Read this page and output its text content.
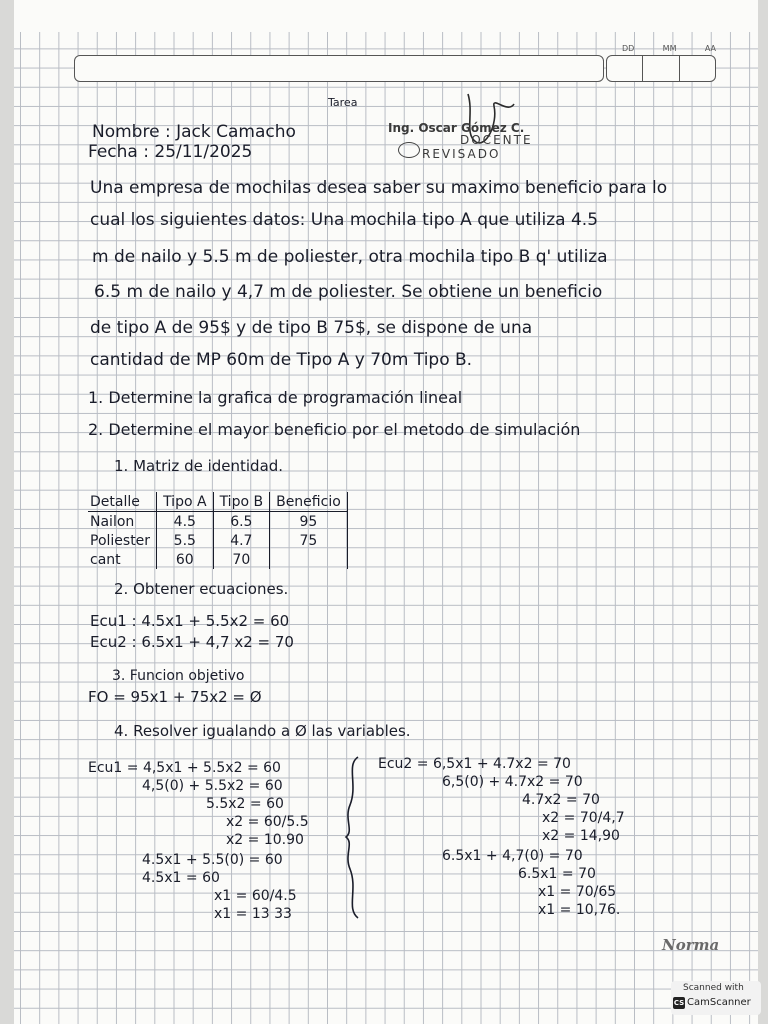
DD	MM	AA
Tarea
Ing. Oscar Gómez C.
DOCENTE
REVISADO
Nombre : Jack Camacho
Fecha : 25/11/2025
Una empresa de mochilas desea saber su maximo beneficio para lo
cual los siguientes datos: Una mochila tipo A que utiliza 4.5
m de nailo y 5.5 m de poliester, otra mochila tipo B q' utiliza
6.5 m de nailo y 4,7 m de poliester. Se obtiene un beneficio
de tipo A de 95$ y de tipo B 75$, se dispone de una
cantidad de MP 60m de Tipo A y 70m Tipo B.
1. Determine la grafica de programación lineal
2. Determine el mayor beneficio por el metodo de simulación
1. Matriz de identidad.
Detalle	Tipo A	Tipo B	Beneficio
Nailon	4.5	6.5	95
Poliester	5.5	4.7	75
cant	60	70	
2. Obtener ecuaciones.
Ecu1 : 4.5x1 + 5.5x2 = 60
Ecu2 : 6.5x1 + 4,7 x2 = 70
3. Funcion objetivo
FO = 95x1 + 75x2 = Ø
4. Resolver igualando a Ø las variables.
Ecu1 = 4,5x1 + 5.5x2 = 60
4,5(0) + 5.5x2 = 60
5.5x2 = 60
x2 = 60/5.5
x2 = 10.90
4.5x1 + 5.5(0) = 60
4.5x1 = 60
x1 = 60/4.5
x1 = 13 33
Ecu2 = 6,5x1 + 4.7x2 = 70
6,5(0) + 4.7x2 = 70
4.7x2 = 70
x2 = 70/4,7
x2 = 14,90
6.5x1 + 4,7(0) = 70
6.5x1 = 70
x1 = 70/65
x1 = 10,76.
Norma
Scanned with
CS CamScanner
